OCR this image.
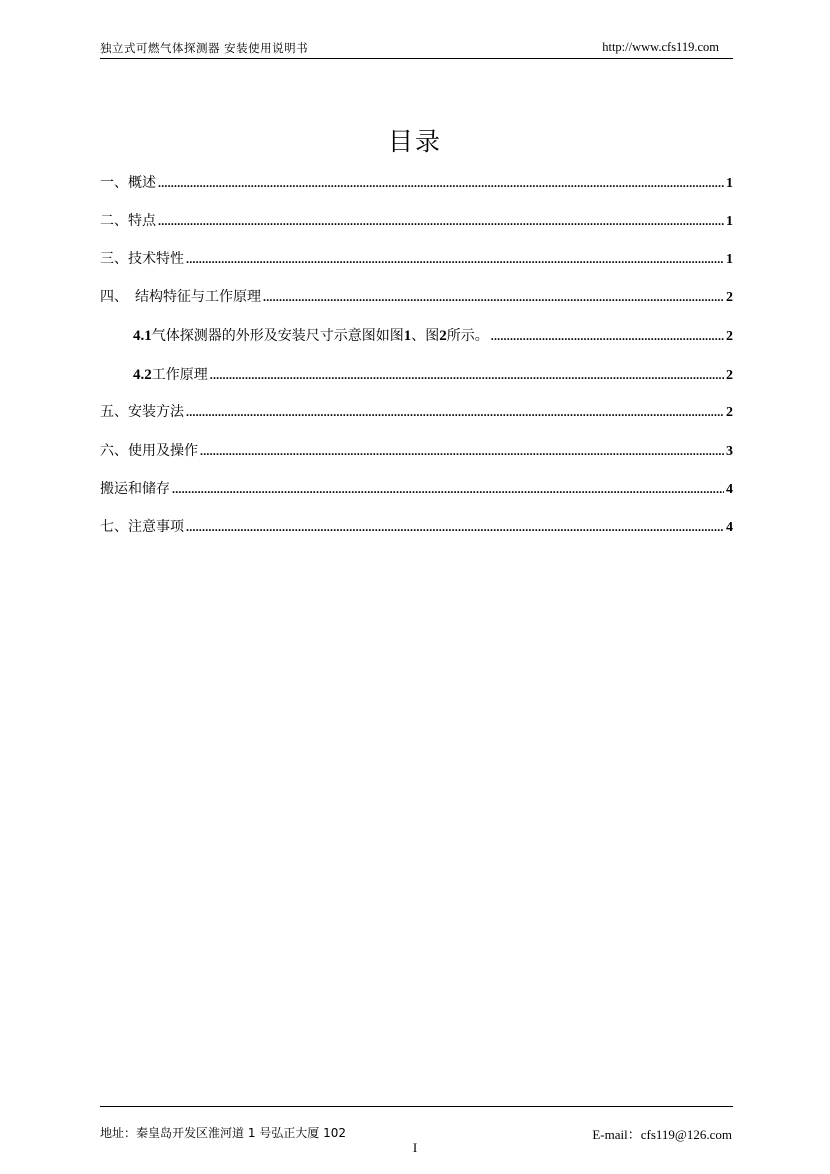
独立式可燃气体探测器 安装使用说明书	http://www.cfs119.com
目录
一、概述 .....	1
二、特点 .....	1
三、技术特性 .....	1
四、　结构特征与工作原理 .....	2
4.1气体探测器的外形及安装尺寸示意图如图1、图2所示。 .....	2
4.2工作原理 .....	2
五、安装方法 .....	2
六、使用及操作 .....	3
搬运和储存 .....	4
七、注意事项 .....	4
地址：秦皇岛开发区淮河道 1 号弘正大厦 102	E-mail：cfs119@126.com
I
